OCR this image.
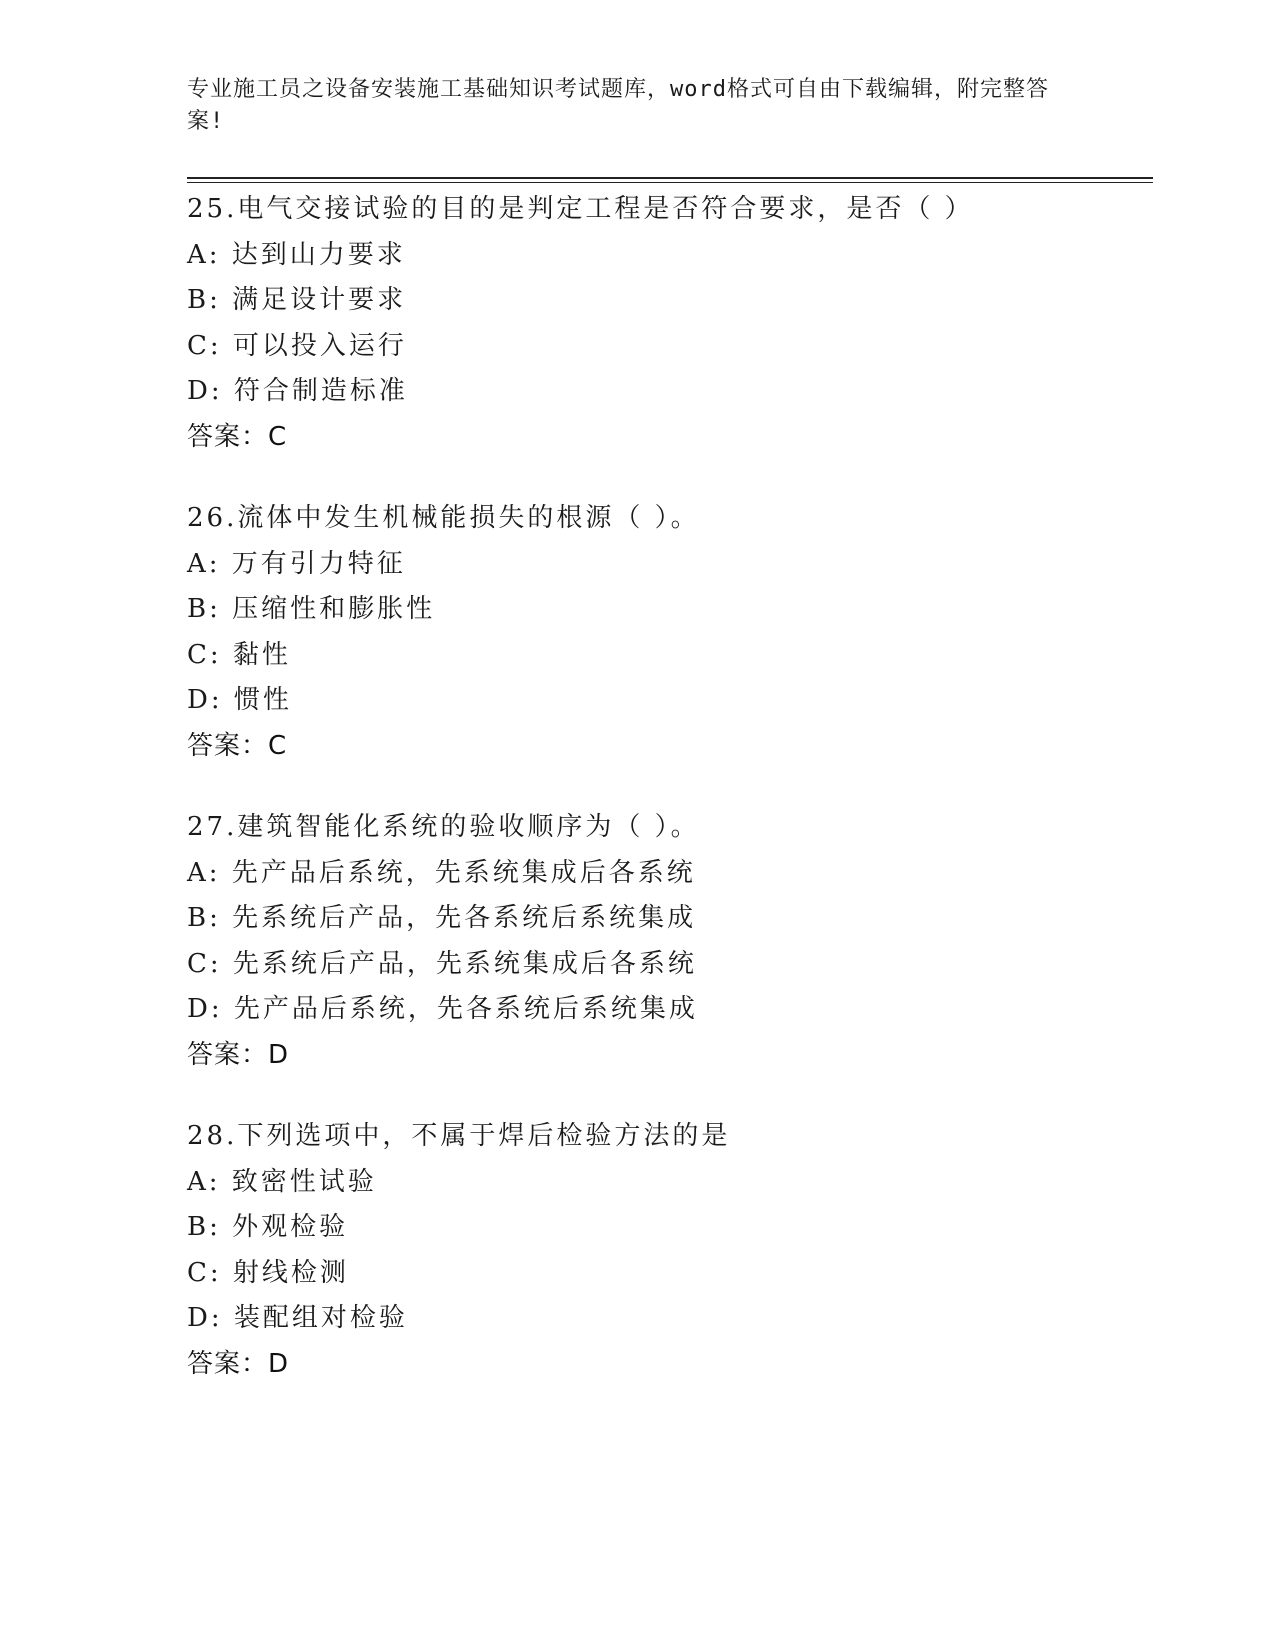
专业施工员之设备安装施工基础知识考试题库，word格式可自由下载编辑，附完整答案!
25.电气交接试验的目的是判定工程是否符合要求，是否（ ）
A: 达到山力要求
B: 满足设计要求
C: 可以投入运行
D: 符合制造标准
答案：C
26.流体中发生机械能损失的根源（ ）。
A: 万有引力特征
B: 压缩性和膨胀性
C: 黏性
D: 惯性
答案：C
27.建筑智能化系统的验收顺序为（ ）。
A: 先产品后系统，先系统集成后各系统
B: 先系统后产品，先各系统后系统集成
C: 先系统后产品，先系统集成后各系统
D: 先产品后系统，先各系统后系统集成
答案：D
28.下列选项中，不属于焊后检验方法的是
A: 致密性试验
B: 外观检验
C: 射线检测
D: 装配组对检验
答案：D
